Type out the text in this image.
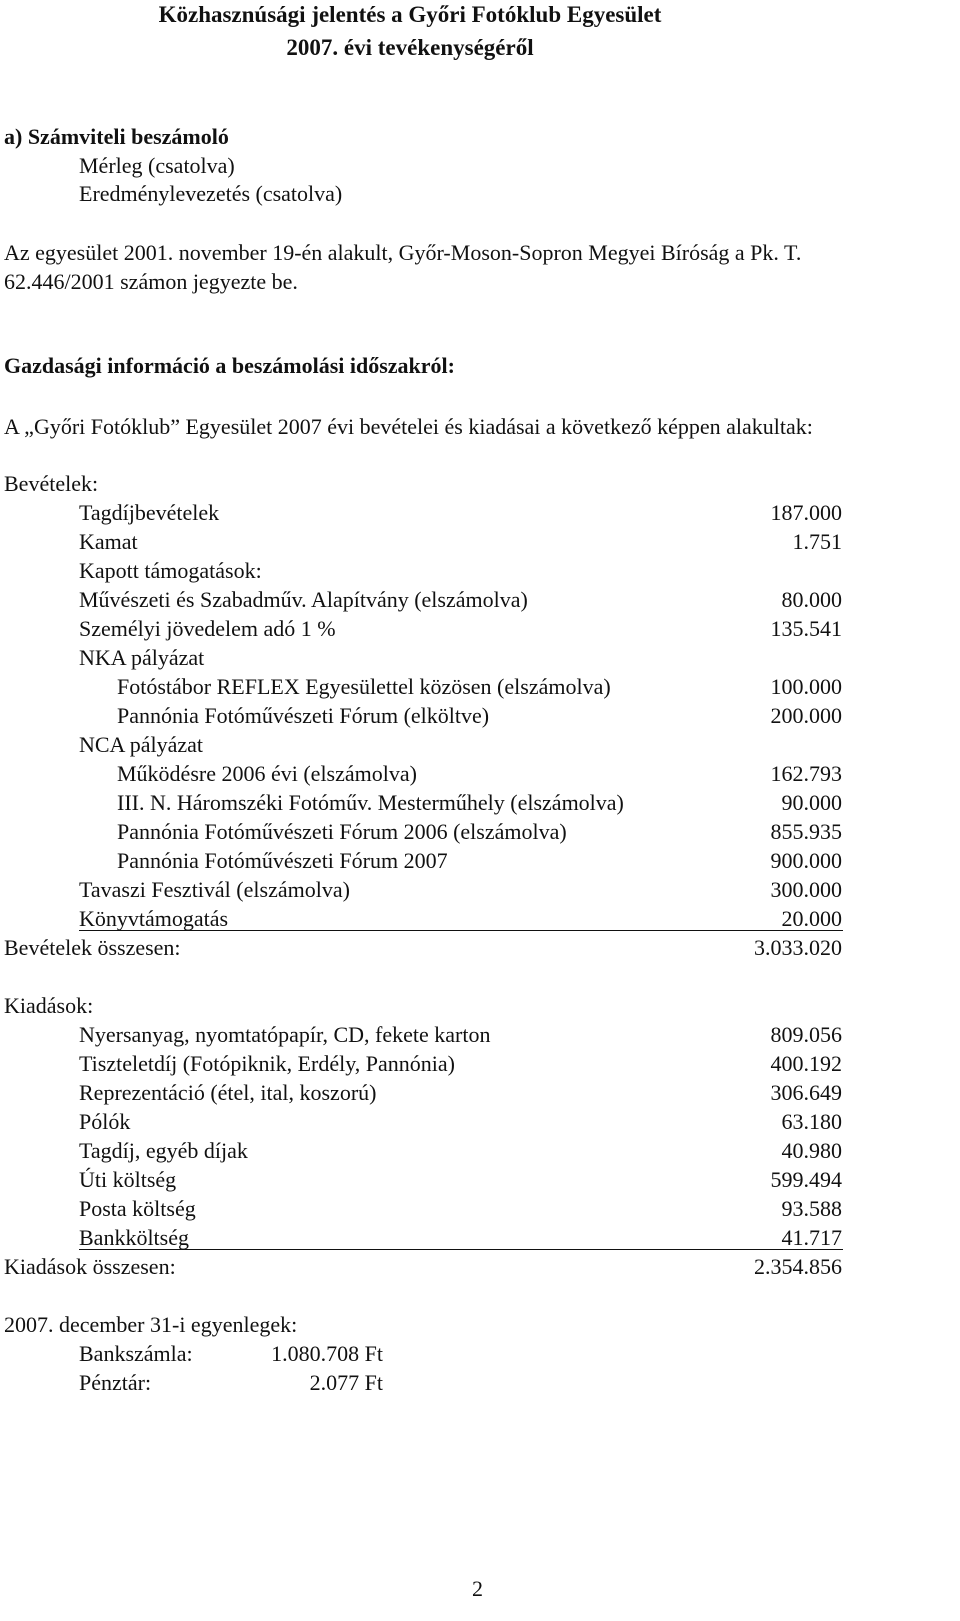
Közhasznúsági jelentés a Győri Fotóklub Egyesület
2007. évi tevékenységéről
a) Számviteli beszámoló
Mérleg (csatolva)
Eredménylevezetés (csatolva)
Az egyesület 2001. november 19-én alakult, Győr-Moson-Sopron Megyei Bíróság a Pk. T.
62.446/2001 számon jegyezte be.
Gazdasági információ a beszámolási időszakról:
A „Győri Fotóklub” Egyesület 2007 évi bevételei és kiadásai a következő képpen alakultak:
Bevételek:
Tagdíjbevételek	187.000
Kamat	1.751
Kapott támogatások:
Művészeti és Szabadműv. Alapítvány (elszámolva)	80.000
Személyi jövedelem adó 1 %	135.541
NKA pályázat
Fotóstábor REFLEX Egyesülettel közösen (elszámolva)	100.000
Pannónia Fotóművészeti Fórum (elköltve)	200.000
NCA pályázat
Működésre 2006 évi (elszámolva)	162.793
III. N. Háromszéki Fotóműv. Mesterműhely (elszámolva)	90.000
Pannónia Fotóművészeti Fórum 2006 (elszámolva)	855.935
Pannónia Fotóművészeti Fórum 2007	900.000
Tavaszi Fesztivál (elszámolva)	300.000
Könyvtámogatás	20.000
Bevételek összesen:	3.033.020
Kiadások:
Nyersanyag, nyomtatópapír, CD, fekete karton	809.056
Tiszteletdíj (Fotópiknik, Erdély, Pannónia)	400.192
Reprezentáció (étel, ital, koszorú)	306.649
Pólók	63.180
Tagdíj, egyéb díjak	40.980
Úti költség	599.494
Posta költség	93.588
Bankköltség	41.717
Kiadások összesen:	2.354.856
2007. december 31-i egyenlegek:
Bankszámla:	1.080.708 Ft
Pénztár:	2.077 Ft
2
